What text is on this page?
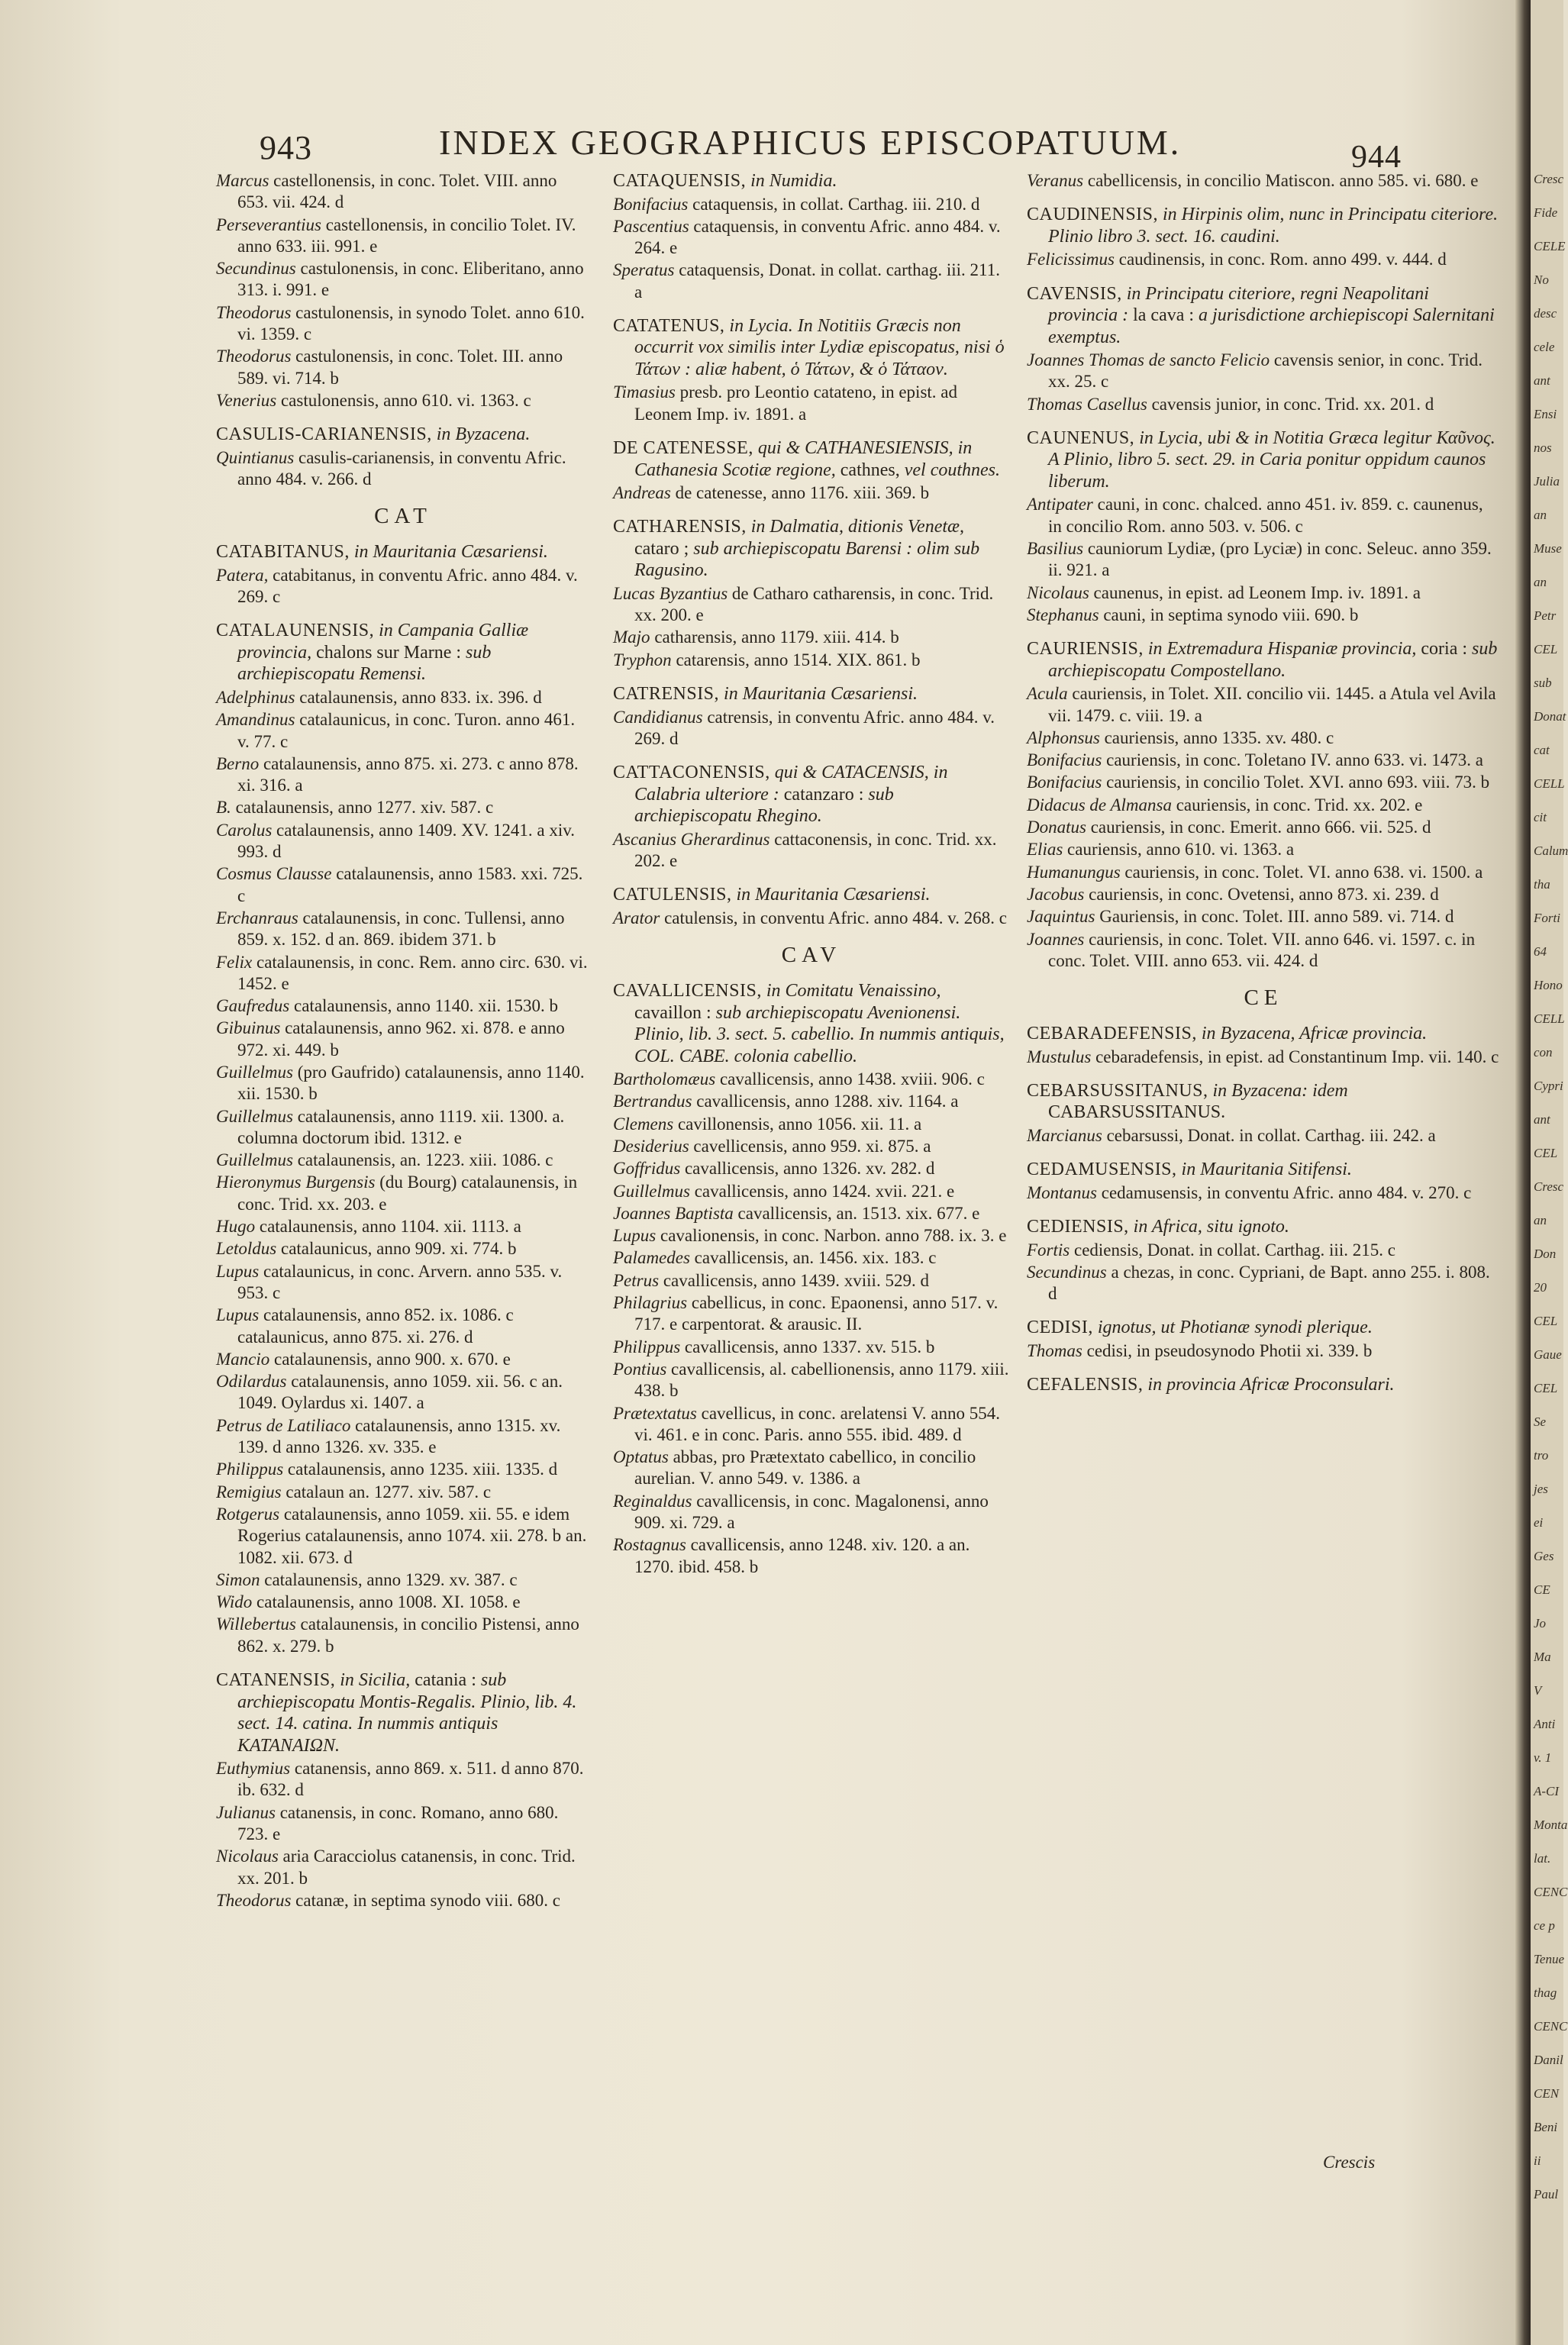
943	INDEX GEOGRAPHICUS EPISCOPATUUM.	944
Marcus castellonensis, in conc. Tolet. VIII. anno 653. vii. 424. d
Perseverantius castellonensis, in concilio Tolet. IV. anno 633. iii. 991. e
Secundinus castulonensis, in conc. Eliberitano, anno 313. i. 991. e
Theodorus castulonensis, in synodo Tolet. anno 610. vi. 1359. c
Theodorus castulonensis, in conc. Tolet. III. anno 589. vi. 714. b
Venerius castulonensis, anno 610. vi. 1363. c
CASULIS-CARIANENSIS, in Byzacena.
Quintianus casulis-carianensis, in conventu Afric. anno 484. v. 266. d
CAT
CATABITANUS, in Mauritania Cæsariensi.
Patera, catabitanus, in conventu Afric. anno 484. v. 269. c
CATALAUNENSIS, in Campania Galliæ provincia, chalons sur Marne : sub archiepiscopatu Remensi.
Adelphinus catalaunensis, anno 833. ix. 396. d
Amandinus catalaunicus, in conc. Turon. anno 461. v. 77. c
Berno catalaunensis, anno 875. xi. 273. c anno 878. xi. 316. a
B. catalaunensis, anno 1277. xiv. 587. c
Carolus catalaunensis, anno 1409. XV. 1241. a xiv. 993. d
Cosmus Clausse catalaunensis, anno 1583. xxi. 725. c
Erchanraus catalaunensis, in conc. Tullensi, anno 859. x. 152. d an. 869. ibidem 371. b
Felix catalaunensis, in conc. Rem. anno circ. 630. vi. 1452. e
Gaufredus catalaunensis, anno 1140. xii. 1530. b
Gibuinus catalaunensis, anno 962. xi. 878. e anno 972. xi. 449. b
Guillelmus (pro Gaufrido) catalaunensis, anno 1140. xii. 1530. b
Guillelmus catalaunensis, anno 1119. xii. 1300. a. columna doctorum ibid. 1312. e
Guillelmus catalaunensis, an. 1223. xiii. 1086. c
Hieronymus Burgensis (du Bourg) catalaunensis, in conc. Trid. xx. 203. e
Hugo catalaunensis, anno 1104. xii. 1113. a
Letoldus catalaunicus, anno 909. xi. 774. b
Lupus catalaunicus, in conc. Arvern. anno 535. v. 953. c
Lupus catalaunensis, anno 852. ix. 1086. c catalaunicus, anno 875. xi. 276. d
Mancio catalaunensis, anno 900. x. 670. e
Odilardus catalaunensis, anno 1059. xii. 56. c an. 1049. Oylardus xi. 1407. a
Petrus de Latiliaco catalaunensis, anno 1315. xv. 139. d anno 1326. xv. 335. e
Philippus catalaunensis, anno 1235. xiii. 1335. d
Remigius catalaun an. 1277. xiv. 587. c
Rotgerus catalaunensis, anno 1059. xii. 55. e idem Rogerius catalaunensis, anno 1074. xii. 278. b an. 1082. xii. 673. d
Simon catalaunensis, anno 1329. xv. 387. c
Wido catalaunensis, anno 1008. XI. 1058. e
Willebertus catalaunensis, in concilio Pistensi, anno 862. x. 279. b
CATANENSIS, in Sicilia, catania : sub archiepiscopatu Montis-Regalis. Plinio, lib. 4. sect. 14. catina. In nummis antiquis KATANAIΩN.
Euthymius catanensis, anno 869. x. 511. d anno 870. ib. 632. d
Julianus catanensis, in conc. Romano, anno 680. 723. e
Nicolaus aria Caracciolus catanensis, in conc. Trid. xx. 201. b
Theodorus catanæ, in septima synodo viii. 680. c
CATAQUENSIS, in Numidia.
Bonifacius cataquensis, in collat. Carthag. iii. 210. d
Pascentius cataquensis, in conventu Afric. anno 484. v. 264. e
Speratus cataquensis, Donat. in collat. carthag. iii. 211. a
CATATENUS, in Lycia. In Notitiis Græcis non occurrit vox similis inter Lydiæ episcopatus, nisi ὁ Τάτων : aliæ habent, ὁ Τάτων, & ὁ Τάταον.
Timasius presb. pro Leontio catateno, in epist. ad Leonem Imp. iv. 1891. a
DE CATENESSE, qui & CATHANESIENSIS, in Cathanesia Scotiæ regione, cathnes, vel couthnes.
Andreas de catenesse, anno 1176. xiii. 369. b
CATHARENSIS, in Dalmatia, ditionis Venetæ, cataro ; sub archiepiscopatu Barensi : olim sub Ragusino.
Lucas Byzantius de Catharo catharensis, in conc. Trid. xx. 200. e
Majo catharensis, anno 1179. xiii. 414. b
Tryphon catarensis, anno 1514. XIX. 861. b
CATRENSIS, in Mauritania Cæsariensi.
Candidianus catrensis, in conventu Afric. anno 484. v. 269. d
CATTACONENSIS, qui & CATACENSIS, in Calabria ulteriore : catanzaro : sub archiepiscopatu Rhegino.
Ascanius Gherardinus cattaconensis, in conc. Trid. xx. 202. e
CATULENSIS, in Mauritania Cæsariensi.
Arator catulensis, in conventu Afric. anno 484. v. 268. c
CAV
CAVALLICENSIS, in Comitatu Venaissino, cavaillon : sub archiepiscopatu Avenionensi. Plinio, lib. 3. sect. 5. cabellio. In nummis antiquis, COL. CABE. colonia cabellio.
Bartholomæus cavallicensis, anno 1438. xviii. 906. c
Bertrandus cavallicensis, anno 1288. xiv. 1164. a
Clemens cavillonensis, anno 1056. xii. 11. a
Desiderius cavellicensis, anno 959. xi. 875. a
Goffridus cavallicensis, anno 1326. xv. 282. d
Guillelmus cavallicensis, anno 1424. xvii. 221. e
Joannes Baptista cavallicensis, an. 1513. xix. 677. e
Lupus cavalionensis, in conc. Narbon. anno 788. ix. 3. e
Palamedes cavallicensis, an. 1456. xix. 183. c
Petrus cavallicensis, anno 1439. xviii. 529. d
Philagrius cabellicus, in conc. Epaonensi, anno 517. v. 717. e carpentorat. & arausic. II.
Philippus cavallicensis, anno 1337. xv. 515. b
Pontius cavallicensis, al. cabellionensis, anno 1179. xiii. 438. b
Prætextatus cavellicus, in conc. arelatensi V. anno 554. vi. 461. e in conc. Paris. anno 555. ibid. 489. d
Optatus abbas, pro Prætextato cabellico, in concilio aurelian. V. anno 549. v. 1386. a
Reginaldus cavallicensis, in conc. Magalonensi, anno 909. xi. 729. a
Rostagnus cavallicensis, anno 1248. xiv. 120. a an. 1270. ibid. 458. b
Veranus cabellicensis, in concilio Matiscon. anno 585. vi. 680. e
CAUDINENSIS, in Hirpinis olim, nunc in Principatu citeriore. Plinio libro 3. sect. 16. caudini.
Felicissimus caudinensis, in conc. Rom. anno 499. v. 444. d
CAVENSIS, in Principatu citeriore, regni Neapolitani provincia : la cava : a jurisdictione archiepiscopi Salernitani exemptus.
Joannes Thomas de sancto Felicio cavensis senior, in conc. Trid. xx. 25. c
Thomas Casellus cavensis junior, in conc. Trid. xx. 201. d
CAUNENUS, in Lycia, ubi & in Notitia Græca legitur Καῦνος. A Plinio, libro 5. sect. 29. in Caria ponitur oppidum caunos liberum.
Antipater cauni, in conc. chalced. anno 451. iv. 859. c. caunenus, in concilio Rom. anno 503. v. 506. c
Basilius cauniorum Lydiæ, (pro Lyciæ) in conc. Seleuc. anno 359. ii. 921. a
Nicolaus caunenus, in epist. ad Leonem Imp. iv. 1891. a
Stephanus cauni, in septima synodo viii. 690. b
CAURIENSIS, in Extremadura Hispaniæ provincia, coria : sub archiepiscopatu Compostellano.
Acula cauriensis, in Tolet. XII. concilio vii. 1445. a Atula vel Avila vii. 1479. c. viii. 19. a
Alphonsus cauriensis, anno 1335. xv. 480. c
Bonifacius cauriensis, in conc. Toletano IV. anno 633. vi. 1473. a
Bonifacius cauriensis, in concilio Tolet. XVI. anno 693. viii. 73. b
Didacus de Almansa cauriensis, in conc. Trid. xx. 202. e
Donatus cauriensis, in conc. Emerit. anno 666. vii. 525. d
Elias cauriensis, anno 610. vi. 1363. a
Humanungus cauriensis, in conc. Tolet. VI. anno 638. vi. 1500. a
Jacobus cauriensis, in conc. Ovetensi, anno 873. xi. 239. d
Jaquintus Gauriensis, in conc. Tolet. III. anno 589. vi. 714. d
Joannes cauriensis, in conc. Tolet. VII. anno 646. vi. 1597. c. in conc. Tolet. VIII. anno 653. vii. 424. d
CE
CEBARADEFENSIS, in Byzacena, Africæ provincia.
Mustulus cebaradefensis, in epist. ad Constantinum Imp. vii. 140. c
CEBARSUSSITANUS, in Byzacena: idem CABARSUSSITANUS.
Marcianus cebarsussi, Donat. in collat. Carthag. iii. 242. a
CEDAMUSENSIS, in Mauritania Sitifensi.
Montanus cedamusensis, in conventu Afric. anno 484. v. 270. c
CEDIENSIS, in Africa, situ ignoto.
Fortis cediensis, Donat. in collat. Carthag. iii. 215. c
Secundinus a chezas, in conc. Cypriani, de Bapt. anno 255. i. 808. d
CEDISI, ignotus, ut Photianæ synodi plerique.
Thomas cedisi, in pseudosynodo Photii xi. 339. b
CEFALENSIS, in provincia Africæ Proconsulari.
Crescis
Cresc
Fide
CELE
No
desc
cele
ant
Ensi
nos
Julia
an
Muse
an
Petr
CEL
sub
Donat
cat
CELL
cit
Calum
tha
Forti
64
Hono
CELL
con
Cypri
ant
CEL
Cresc
an
Don
20
CEL
Gaue
CEL
Se
tro
jes
ei
Ges
CE
Jo
Ma
V
Anti
v. 1
A-CI
Monta
lat.
CENC
ce p
Tenue
thag
CENC
Danil
CEN
Beni
ii
Paul
